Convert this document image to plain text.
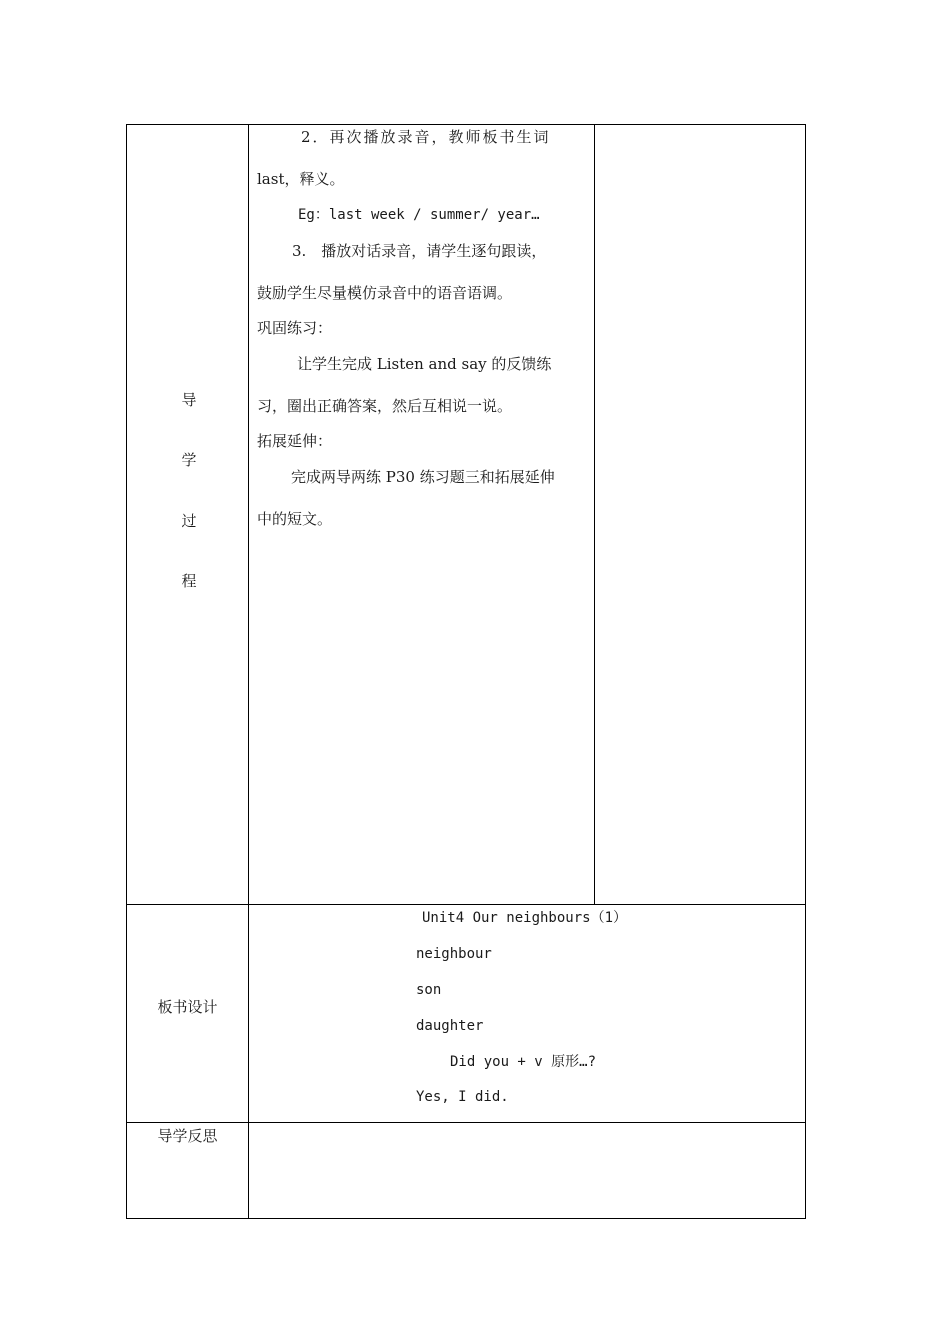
导
学
过
程
2．再次播放录音，教师板书生词
last，释义。
Eg：last week / summer/ year…
3.　播放对话录音，请学生逐句跟读，
鼓励学生尽量模仿录音中的语音语调。
巩固练习：
让学生完成 Listen and say 的反馈练
习，圈出正确答案，然后互相说一说。
拓展延伸：
完成两导两练 P30 练习题三和拓展延伸
中的短文。
板书设计
Unit4 Our neighbours（1）
neighbour
son
daughter
Did you + v 原形…?
Yes, I did.
导学反思
